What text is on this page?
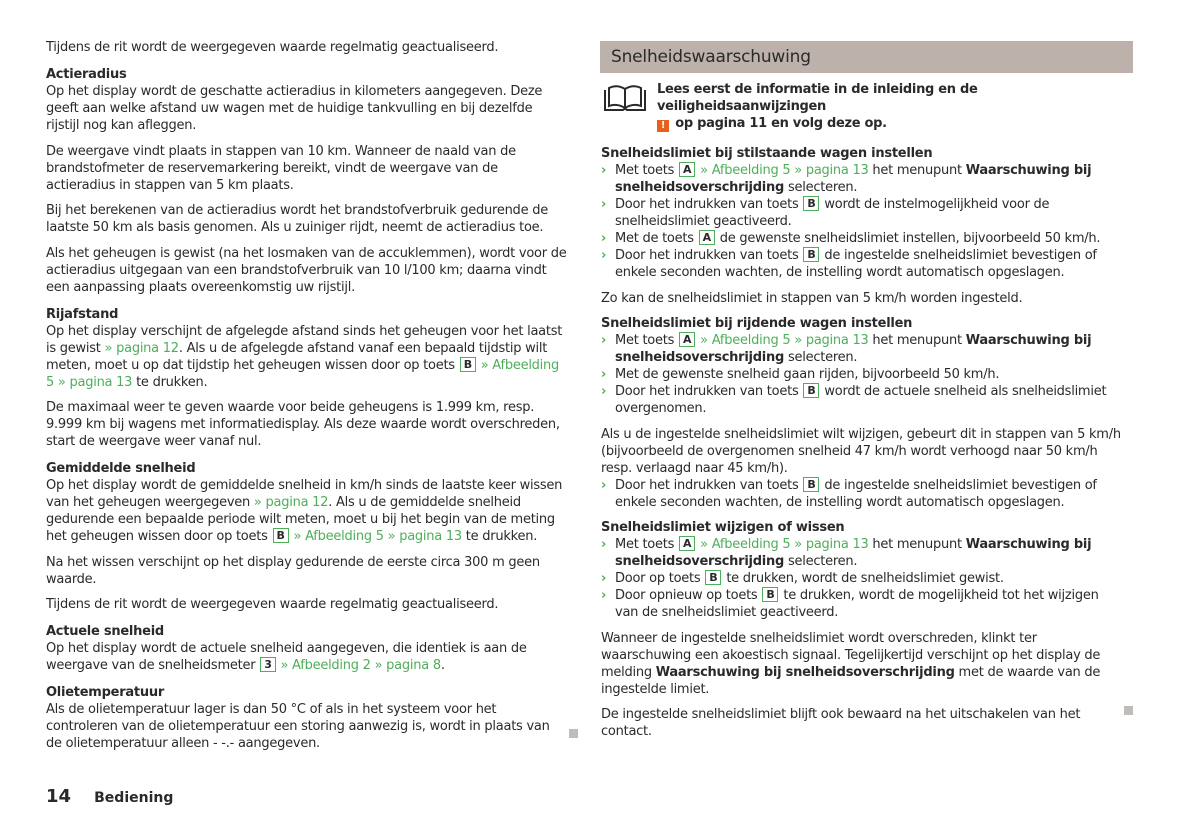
Tijdens de rit wordt de weergegeven waarde regelmatig geactualiseerd.

Actieradius

Op het display wordt de geschatte actieradius in kilometers aangegeven. Deze geeft aan welke afstand uw wagen met de huidige tankvulling en bij dezelfde rijstijl nog kan afleggen.

De weergave vindt plaats in stappen van 10 km. Wanneer de naald van de brandstofmeter de reservemarkering bereikt, vindt de weergave van de actieradius in stappen van 5 km plaats.

Bij het berekenen van de actieradius wordt het brandstofverbruik gedurende de laatste 50 km als basis genomen. Als u zuiniger rijdt, neemt de actieradius toe.

Als het geheugen is gewist (na het losmaken van de accuklemmen), wordt voor de actieradius uitgegaan van een brandstofverbruik van 10 l/100 km; daarna vindt een aanpassing plaats overeenkomstig uw rijstijl.

Rijafstand

Op het display verschijnt de afgelegde afstand sinds het geheugen voor het laatst is gewist » pagina 12. Als u de afgelegde afstand vanaf een bepaald tijdstip wilt meten, moet u op dat tijdstip het geheugen wissen door op toets B » Afbeelding 5 » pagina 13 te drukken.

De maximaal weer te geven waarde voor beide geheugens is 1.999 km, resp. 9.999 km bij wagens met informatiedisplay. Als deze waarde wordt overschreden, start de weergave weer vanaf nul.

Gemiddelde snelheid

Op het display wordt de gemiddelde snelheid in km/h sinds de laatste keer wissen van het geheugen weergegeven » pagina 12. Als u de gemiddelde snelheid gedurende een bepaalde periode wilt meten, moet u bij het begin van de meting het geheugen wissen door op toets B » Afbeelding 5 » pagina 13 te drukken.

Na het wissen verschijnt op het display gedurende de eerste circa 300 m geen waarde.

Tijdens de rit wordt de weergegeven waarde regelmatig geactualiseerd.

Actuele snelheid

Op het display wordt de actuele snelheid aangegeven, die identiek is aan de weergave van de snelheidsmeter 3 » Afbeelding 2 » pagina 8.

Olietemperatuur

Als de olietemperatuur lager is dan 50 °C of als in het systeem voor het controleren van de olietemperatuur een storing aanwezig is, wordt in plaats van de olietemperatuur alleen - -.- aangegeven.

Snelheidswaarschuwing
Lees eerst de informatie in de inleiding en de veiligheidsaanwijzingen
! op pagina 11 en volg deze op.

Snelheidslimiet bij stilstaande wagen instellen

› Met toets A » Afbeelding 5 » pagina 13 het menupunt Waarschuwing bij snelheidsoverschrijding selecteren.
› Door het indrukken van toets B wordt de instelmogelijkheid voor de snelheidslimiet geactiveerd.
› Met de toets A de gewenste snelheidslimiet instellen, bijvoorbeeld 50 km/h.
› Door het indrukken van toets B de ingestelde snelheidslimiet bevestigen of enkele seconden wachten, de instelling wordt automatisch opgeslagen.

Zo kan de snelheidslimiet in stappen van 5 km/h worden ingesteld.

Snelheidslimiet bij rijdende wagen instellen

› Met toets A » Afbeelding 5 » pagina 13 het menupunt Waarschuwing bij snelheidsoverschrijding selecteren.
› Met de gewenste snelheid gaan rijden, bijvoorbeeld 50 km/h.
› Door het indrukken van toets B wordt de actuele snelheid als snelheidslimiet overgenomen.

Als u de ingestelde snelheidslimiet wilt wijzigen, gebeurt dit in stappen van 5 km/h (bijvoorbeeld de overgenomen snelheid 47 km/h wordt verhoogd naar 50 km/h resp. verlaagd naar 45 km/h).

› Door het indrukken van toets B de ingestelde snelheidslimiet bevestigen of enkele seconden wachten, de instelling wordt automatisch opgeslagen.

Snelheidslimiet wijzigen of wissen

› Met toets A » Afbeelding 5 » pagina 13 het menupunt Waarschuwing bij snelheidsoverschrijding selecteren.
› Door op toets B te drukken, wordt de snelheidslimiet gewist.
› Door opnieuw op toets B te drukken, wordt de mogelijkheid tot het wijzigen van de snelheidslimiet geactiveerd.

Wanneer de ingestelde snelheidslimiet wordt overschreden, klinkt ter waarschuwing een akoestisch signaal. Tegelijkertijd verschijnt op het display de melding Waarschuwing bij snelheidsoverschrijding met de waarde van de ingestelde limiet.

De ingestelde snelheidslimiet blijft ook bewaard na het uitschakelen van het contact.

14 Bediening
